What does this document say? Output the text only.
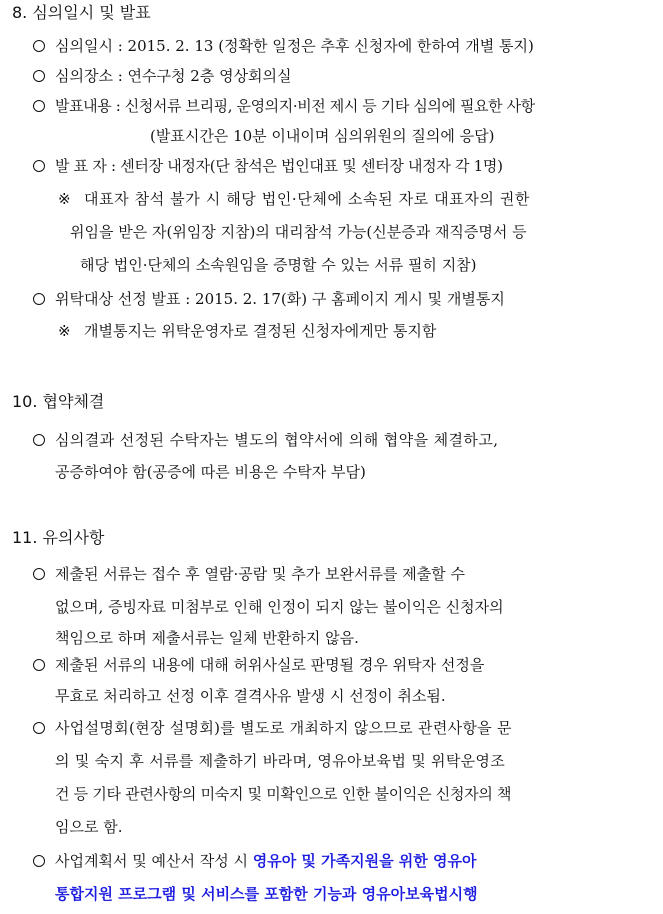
8. 심의일시 및 발표
심의일시 : 2015. 2. 13 (정확한 일정은 추후 신청자에 한하여 개별 통지)
심의장소 : 연수구청 2층 영상회의실
발표내용 : 신청서류 브리핑, 운영의지·비전 제시 등 기타 심의에 필요한 사항
(발표시간은 10분 이내이며 심의위원의 질의에 응답)
발 표 자 : 센터장 내정자(단 참석은 법인대표 및 센터장 내정자 각 1명)
※ 대표자 참석 불가 시 해당 법인·단체에 소속된 자로 대표자의 권한
위임을 받은 자(위임장 지참)의 대리참석 가능(신분증과 재직증명서 등
해당 법인·단체의 소속원임을 증명할 수 있는 서류 필히 지참)
위탁대상 선정 발표 : 2015. 2. 17(화) 구 홈페이지 게시 및 개별통지
※ 개별통지는 위탁운영자로 결정된 신청자에게만 통지함
10. 협약체결
심의결과 선정된 수탁자는 별도의 협약서에 의해 협약을 체결하고,
공증하여야 함(공증에 따른 비용은 수탁자 부담)
11. 유의사항
제출된 서류는 접수 후 열람·공람 및 추가 보완서류를 제출할 수
없으며, 증빙자료 미첨부로 인해 인정이 되지 않는 불이익은 신청자의
책임으로 하며 제출서류는 일체 반환하지 않음.
제출된 서류의 내용에 대해 허위사실로 판명될 경우 위탁자 선정을
무효로 처리하고 선정 이후 결격사유 발생 시 선정이 취소됨.
사업설명회(현장 설명회)를 별도로 개최하지 않으므로 관련사항을 문
의 및 숙지 후 서류를 제출하기 바라며, 영유아보육법 및 위탁운영조
건 등 기타 관련사항의 미숙지 및 미확인으로 인한 불이익은 신청자의 책
임으로 함.
사업계획서 및 예산서 작성 시 영유아 및 가족지원을 위한 영유아
통합지원 프로그램 및 서비스를 포함한 기능과 영유아보육법시행
